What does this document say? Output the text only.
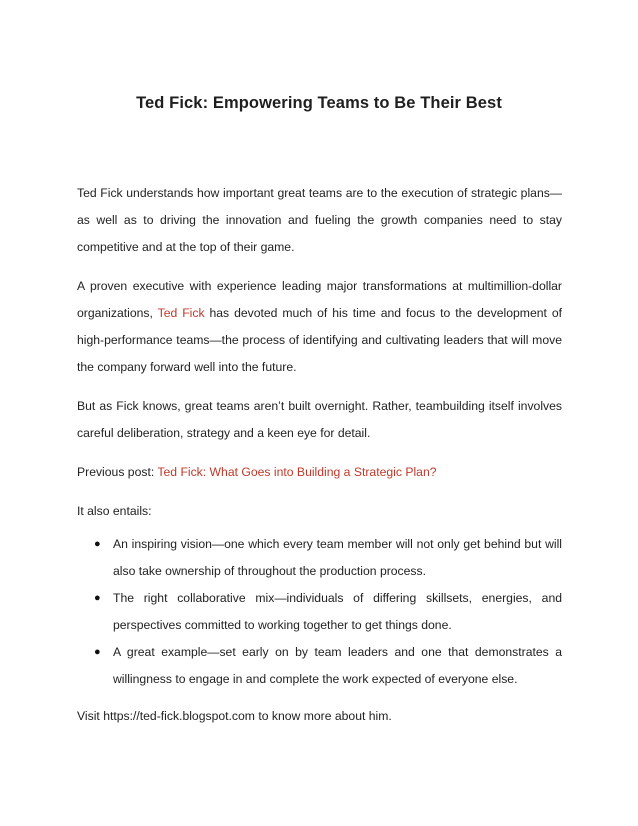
Ted Fick: Empowering Teams to Be Their Best

Ted Fick understands how important great teams are to the execution of strategic plans—as well as to driving the innovation and fueling the growth companies need to stay competitive and at the top of their game.

A proven executive with experience leading major transformations at multimillion-dollar organizations, Ted Fick has devoted much of his time and focus to the development of high-performance teams—the process of identifying and cultivating leaders that will move the company forward well into the future.

But as Fick knows, great teams aren’t built overnight. Rather, teambuilding itself involves careful deliberation, strategy and a keen eye for detail.

Previous post: Ted Fick: What Goes into Building a Strategic Plan?

It also entails:

● An inspiring vision—one which every team member will not only get behind but will also take ownership of throughout the production process.
● The right collaborative mix—individuals of differing skillsets, energies, and perspectives committed to working together to get things done.
● A great example—set early on by team leaders and one that demonstrates a willingness to engage in and complete the work expected of everyone else.

Visit https://ted-fick.blogspot.com to know more about him.
